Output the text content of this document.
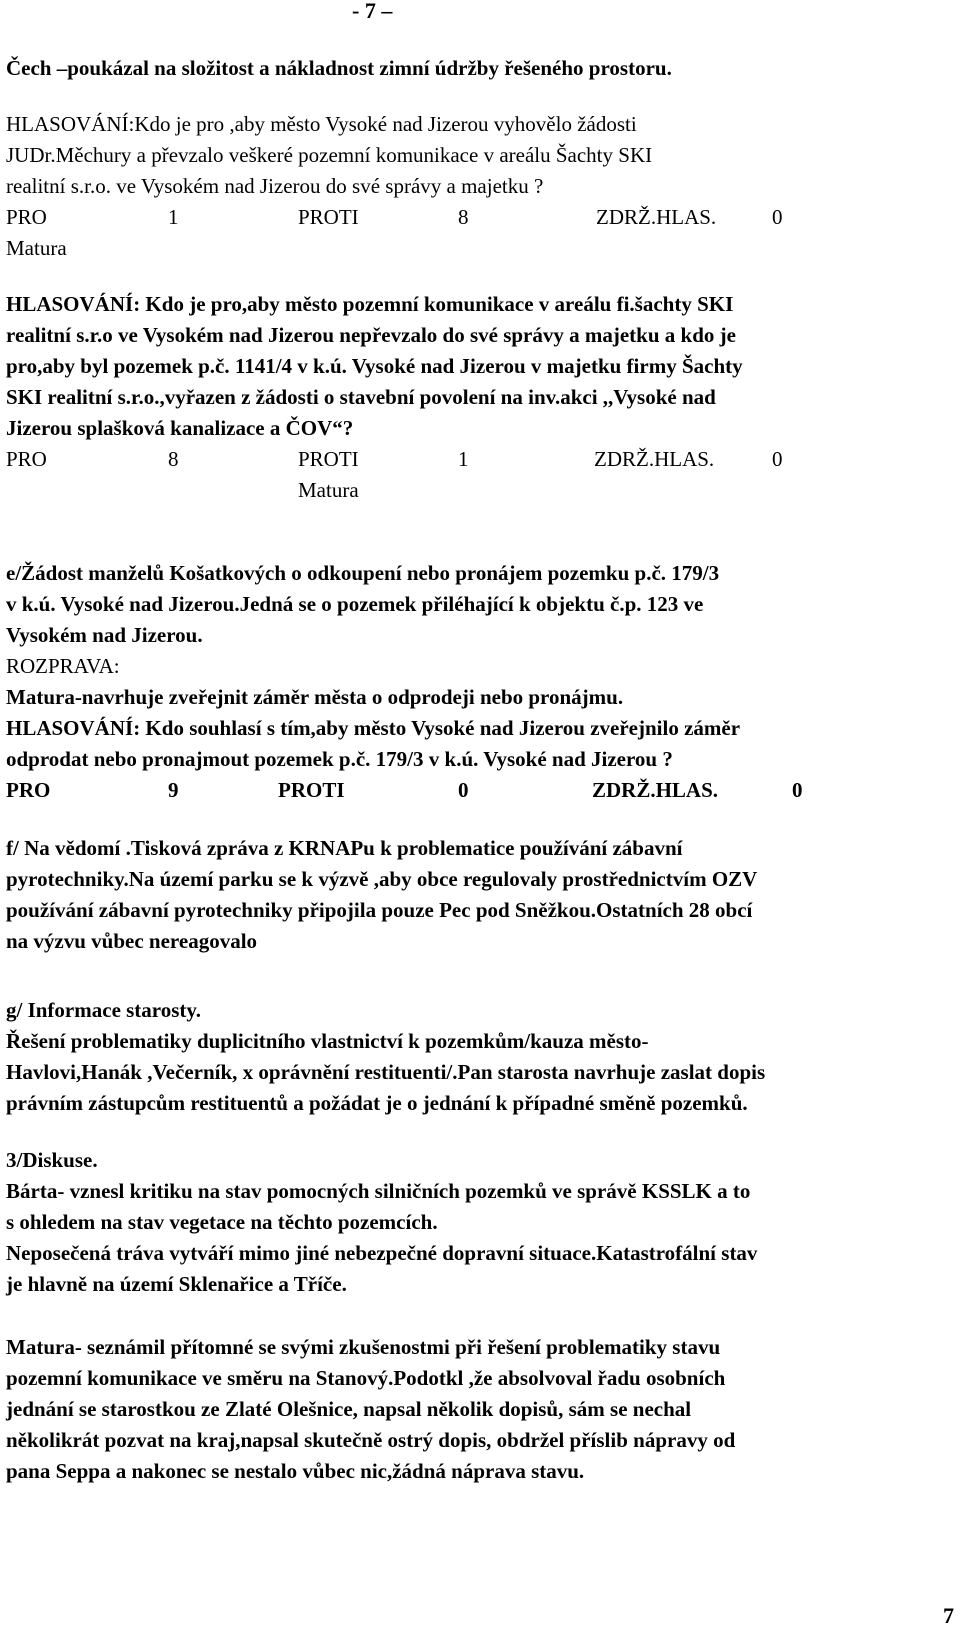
- 7 –
Čech –poukázal na složitost a nákladnost zimní údržby řešeného prostoru.
HLASOVÁNÍ:Kdo je pro ,aby město Vysoké nad Jizerou vyhovělo žádosti
JUDr.Měchury a převzalo veškeré pozemní komunikace v areálu Šachty SKI
realitní s.r.o. ve Vysokém nad Jizerou do své správy a majetku ?
PRO	1	PROTI	8	ZDRŽ.HLAS.	0
Matura
HLASOVÁNÍ: Kdo je pro,aby město pozemní komunikace v areálu fi.šachty SKI
realitní s.r.o ve Vysokém nad Jizerou nepřevzalo do své správy a majetku a kdo je
pro,aby byl pozemek p.č. 1141/4 v k.ú. Vysoké nad Jizerou v majetku firmy Šachty
SKI realitní s.r.o.,vyřazen z žádosti o stavební povolení na inv.akci ,,Vysoké nad
Jizerou splašková kanalizace a ČOV“?
PRO	8	PROTI	1	ZDRŽ.HLAS.	0
Matura
e/Žádost manželů Košatkových o odkoupení nebo pronájem pozemku p.č. 179/3
v k.ú. Vysoké nad Jizerou.Jedná se o pozemek přiléhající k objektu č.p. 123 ve
Vysokém nad Jizerou.
ROZPRAVA:
Matura-navrhuje zveřejnit záměr města o odprodeji nebo pronájmu.
HLASOVÁNÍ: Kdo souhlasí s tím,aby město Vysoké nad Jizerou zveřejnilo záměr
odprodat nebo pronajmout pozemek p.č. 179/3 v k.ú. Vysoké nad Jizerou ?
PRO	9	PROTI	0	ZDRŽ.HLAS.	0
f/ Na vědomí .Tisková zpráva z KRNAPu k problematice používání zábavní
pyrotechniky.Na území parku se k výzvě ,aby obce regulovaly prostřednictvím OZV
používání zábavní pyrotechniky připojila pouze Pec pod Sněžkou.Ostatních 28 obcí
na výzvu vůbec nereagovalo
g/ Informace starosty.
Řešení problematiky duplicitního vlastnictví k pozemkům/kauza město-
Havlovi,Hanák ,Večerník, x oprávnění restituenti/.Pan starosta navrhuje zaslat dopis
právním zástupcům restituentů a požádat je o jednání k případné směně pozemků.
3/Diskuse.
Bárta- vznesl kritiku na stav pomocných silničních pozemků ve správě KSSLK a to
s ohledem na stav vegetace na těchto pozemcích.
Neposečená tráva vytváří mimo jiné nebezpečné dopravní situace.Katastrofální stav
je hlavně na území Sklenařice a Tříče.
Matura- seznámil přítomné se svými zkušenostmi při řešení problematiky stavu
pozemní komunikace ve směru na Stanový.Podotkl ,že absolvoval řadu osobních
jednání se starostkou ze Zlaté Olešnice, napsal několik dopisů, sám se nechal
několikrát pozvat na kraj,napsal skutečně ostrý dopis, obdržel příslib nápravy od
pana Seppa a nakonec se nestalo vůbec nic,žádná náprava stavu.
7
